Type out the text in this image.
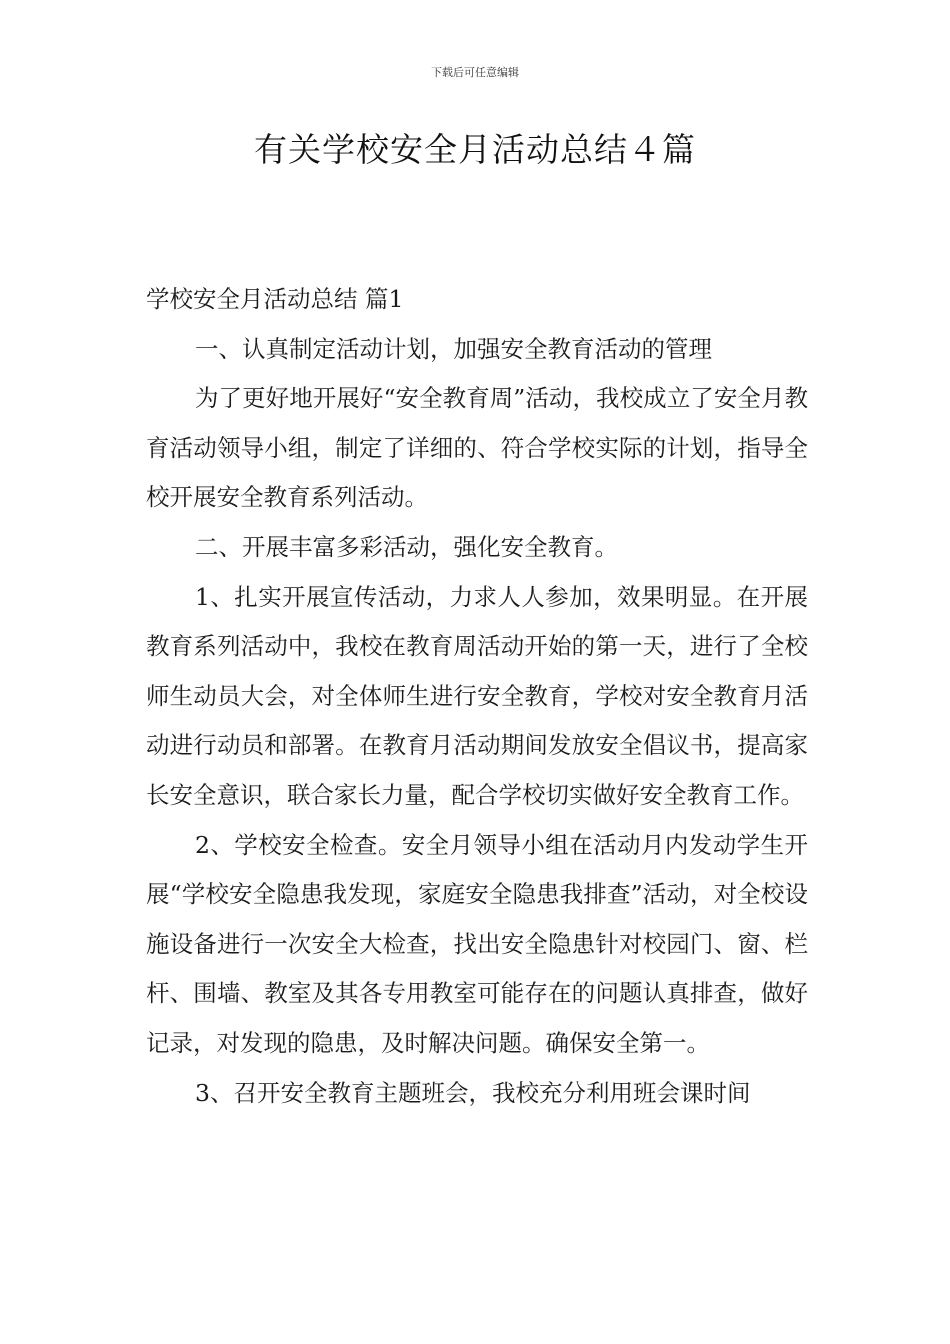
下载后可任意编辑
有关学校安全月活动总结４篇

学校安全月活动总结 篇1

一、认真制定活动计划，加强安全教育活动的管理

为了更好地开展好“安全教育周”活动，我校成立了安全月教育活动领导小组，制定了详细的、符合学校实际的计划，指导全校开展安全教育系列活动。

二、开展丰富多彩活动，强化安全教育。

1、扎实开展宣传活动，力求人人参加，效果明显。在开展教育系列活动中，我校在教育周活动开始的第一天，进行了全校师生动员大会，对全体师生进行安全教育，学校对安全教育月活动进行动员和部署。在教育月活动期间发放安全倡议书，提高家长安全意识，联合家长力量，配合学校切实做好安全教育工作。

2、学校安全检查。安全月领导小组在活动月内发动学生开展“学校安全隐患我发现，家庭安全隐患我排查”活动，对全校设施设备进行一次安全大检查，找出安全隐患针对校园门、窗、栏杆、围墙、教室及其各专用教室可能存在的问题认真排查，做好记录，对发现的隐患，及时解决问题。确保安全第一。

3、召开安全教育主题班会，我校充分利用班会课时间
